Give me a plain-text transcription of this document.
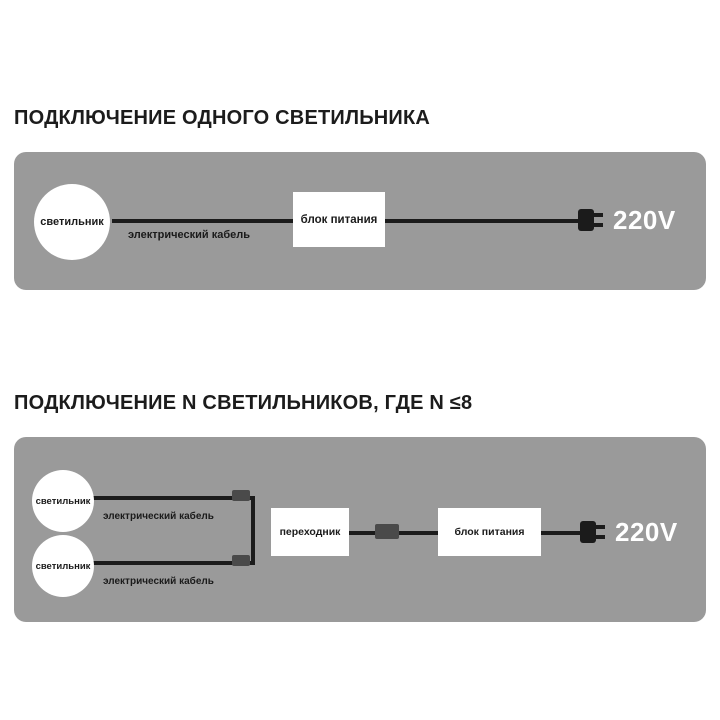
ПОДКЛЮЧЕНИЕ ОДНОГО СВЕТИЛЬНИКА
светильник
электрический кабель
блок питания	220V
ПОДКЛЮЧЕНИЕ N СВЕТИЛЬНИКОВ, ГДЕ N ≤8
светильник
светильник
электрический кабель
электрический кабель
переходник	блок питания	220V
